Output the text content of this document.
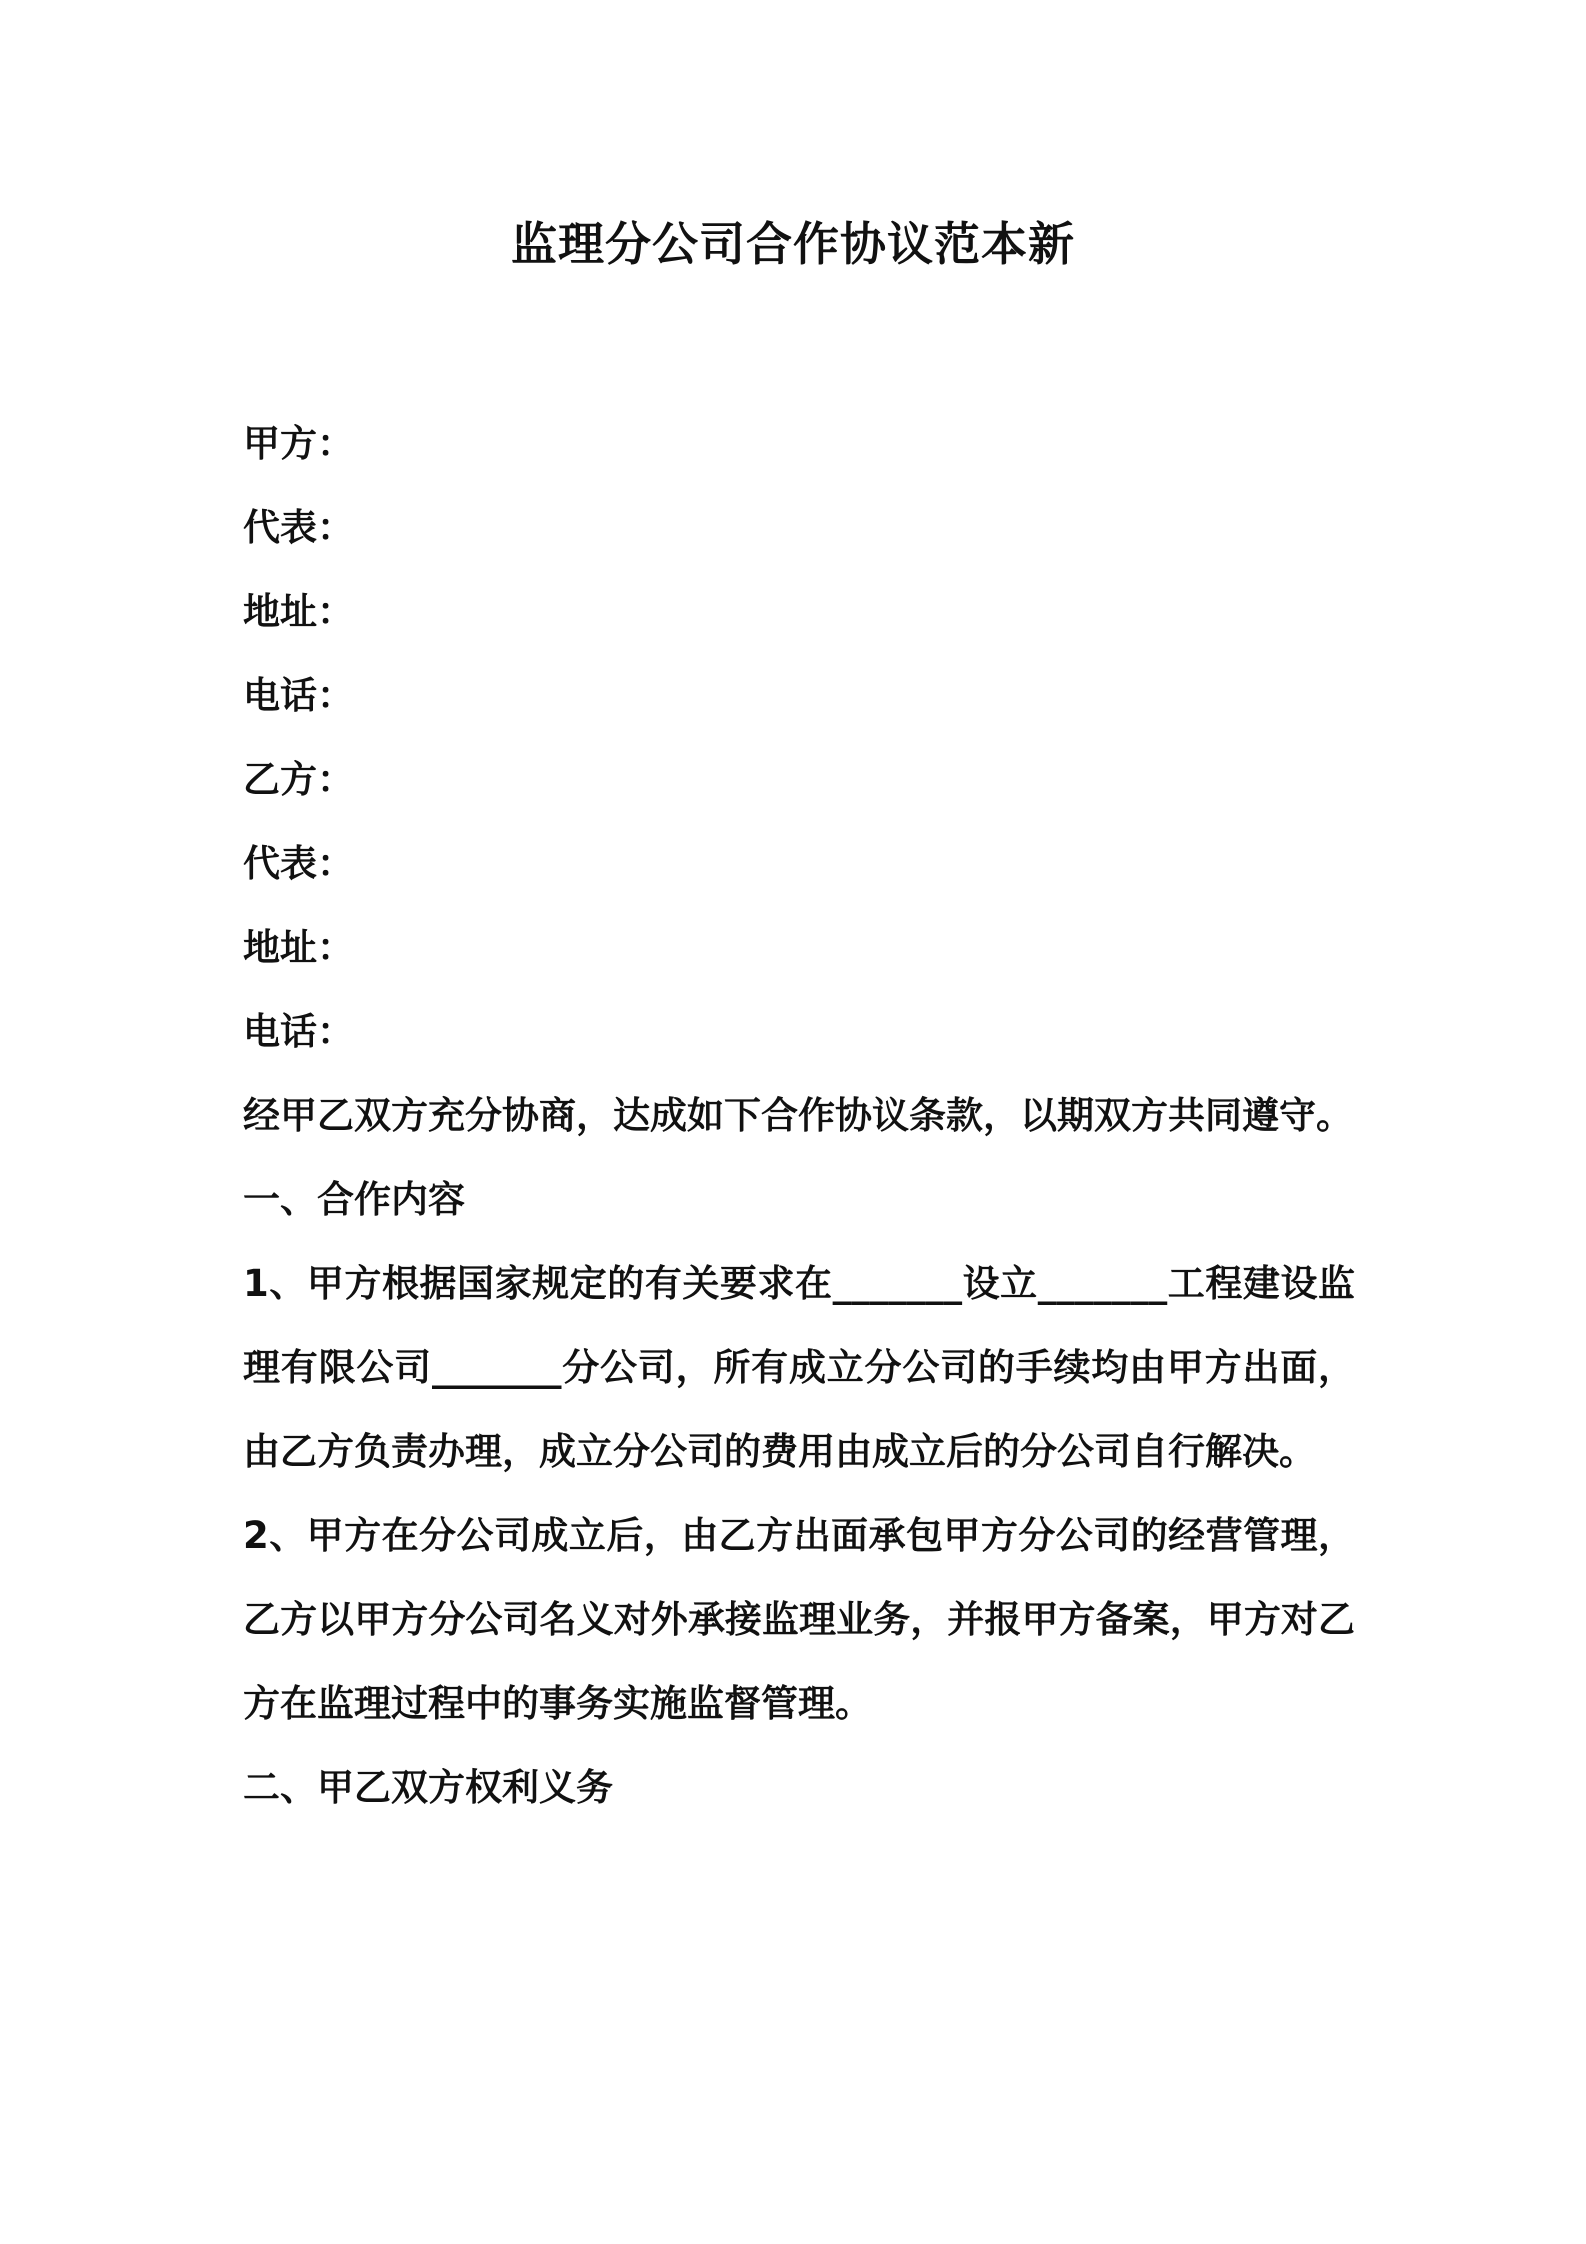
监理分公司合作协议范本新

甲方：

代表：

地址：

电话：

乙方：

代表：

地址：

电话：

经甲乙双方充分协商，达成如下合作协议条款，以期双方共同遵守。

一、合作内容

1、甲方根据国家规定的有关要求在_______设立_______工程建设监理有限公司_______分公司，所有成立分公司的手续均由甲方出面，由乙方负责办理，成立分公司的费用由成立后的分公司自行解决。

2、甲方在分公司成立后，由乙方出面承包甲方分公司的经营管理，乙方以甲方分公司名义对外承接监理业务，并报甲方备案，甲方对乙方在监理过程中的事务实施监督管理。

二、甲乙双方权利义务
